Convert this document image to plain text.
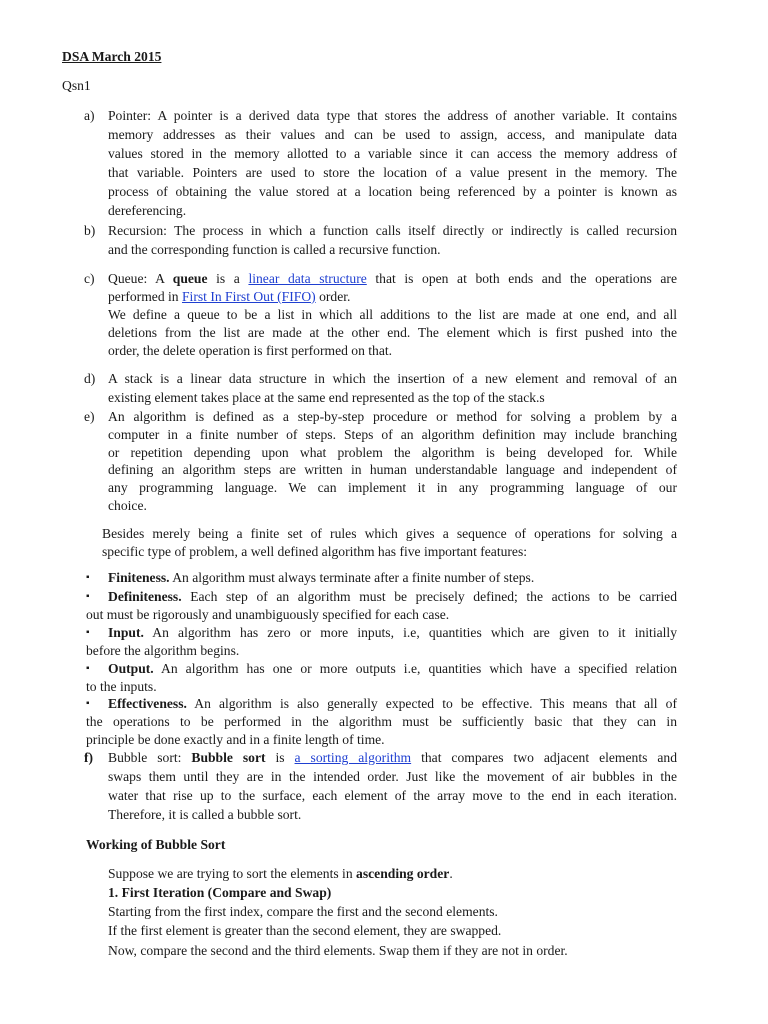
DSA March 2015
Qsn1
a) Pointer: A pointer is a derived data type that stores the address of another variable. It contains
memory addresses as their values and can be used to assign, access, and manipulate data
values stored in the memory allotted to a variable since it can access the memory address of
that variable. Pointers are used to store the location of a value present in the memory. The
process of obtaining the value stored at a location being referenced by a pointer is known as
dereferencing.
b) Recursion: The process in which a function calls itself directly or indirectly is called recursion
and the corresponding function is called a recursive function.
c) Queue: A queue is a linear data structure that is open at both ends and the operations are
performed in First In First Out (FIFO) order.
We define a queue to be a list in which all additions to the list are made at one end, and all
deletions from the list are made at the other end. The element which is first pushed into the
order, the delete operation is first performed on that.
d) A stack is a linear data structure in which the insertion of a new element and removal of an
existing element takes place at the same end represented as the top of the stack.s
e) An algorithm is defined as a step-by-step procedure or method for solving a problem by a
computer in a finite number of steps. Steps of an algorithm definition may include branching
or repetition depending upon what problem the algorithm is being developed for. While
defining an algorithm steps are written in human understandable language and independent of
any programming language. We can implement it in any programming language of our
choice.
Besides merely being a finite set of rules which gives a sequence of operations for solving a
specific type of problem, a well defined algorithm has five important features:
▪ Finiteness. An algorithm must always terminate after a finite number of steps.
▪ Definiteness. Each step of an algorithm must be precisely defined; the actions to be carried
out must be rigorously and unambiguously specified for each case.
▪ Input. An algorithm has zero or more inputs, i.e, quantities which are given to it initially
before the algorithm begins.
▪ Output. An algorithm has one or more outputs i.e, quantities which have a specified relation
to the inputs.
▪ Effectiveness. An algorithm is also generally expected to be effective. This means that all of
the operations to be performed in the algorithm must be sufficiently basic that they can in
principle be done exactly and in a finite length of time.
f) Bubble sort: Bubble sort is a sorting algorithm that compares two adjacent elements and
swaps them until they are in the intended order. Just like the movement of air bubbles in the
water that rise up to the surface, each element of the array move to the end in each iteration.
Therefore, it is called a bubble sort.
Working of Bubble Sort
Suppose we are trying to sort the elements in ascending order.
1. First Iteration (Compare and Swap)
Starting from the first index, compare the first and the second elements.
If the first element is greater than the second element, they are swapped.
Now, compare the second and the third elements. Swap them if they are not in order.
